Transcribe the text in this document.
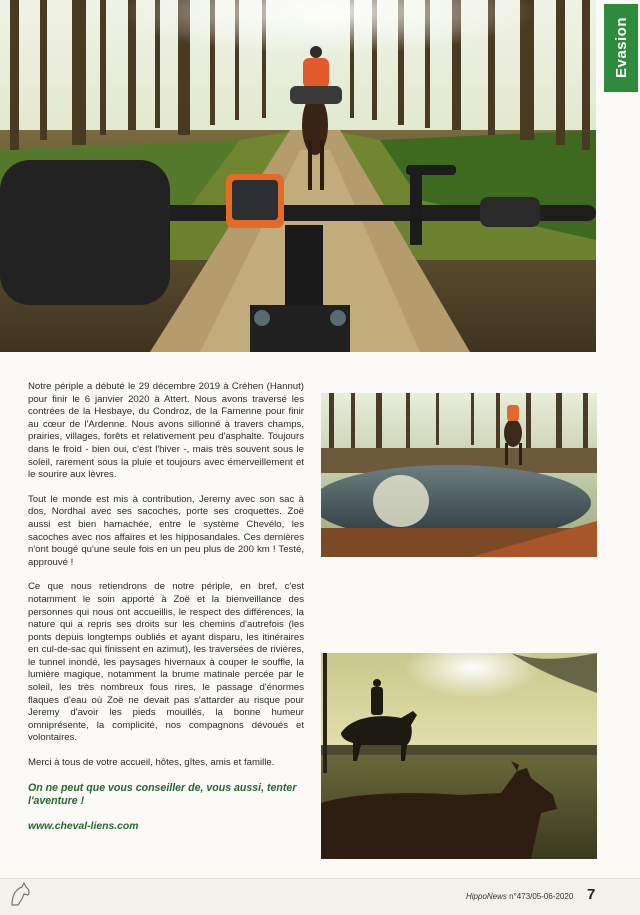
Evasion

Notre périple a débuté le 29 décembre 2019 à Créhen (Hannut) pour finir le 6 janvier 2020 à Attert. Nous avons traversé les contrées de la Hesbaye, du Condroz, de la Famenne pour finir au cœur de l'Ardenne. Nous avons sillonné à travers champs, prairies, villages, forêts et relativement peu d'asphalte. Toujours dans le froid - bien oui, c'est l'hiver -, mais très souvent sous le soleil, rarement sous la pluie et toujours avec émerveillement et le sourire aux lèvres.

Tout le monde est mis à contribution, Jeremy avec son sac à dos, Nordhal avec ses sacoches, porte ses croquettes. Zoë aussi est bien harnachée, entre le système Chevélo, les sacoches avec nos affaires et les hipposandales. Ces dernières n'ont bougé qu'une seule fois en un peu plus de 200 km ! Testé, approuvé !

Ce que nous retiendrons de notre périple, en bref, c'est notamment le soin apporté à Zoë et la bienveillance des personnes qui nous ont accueillis, le respect des différences, la nature qui a repris ses droits sur les chemins d'autrefois (les ponts depuis longtemps oubliés et ayant disparu, les itinéraires en cul-de-sac qui finissent en azimut), les traversées de rivières, le tunnel inondé, les paysages hivernaux à couper le souffle, la lumière magique, notamment la brume matinale percée par le soleil, les très nombreux fous rires, le passage d'énormes flaques d'eau où Zoë ne devait pas s'attarder au risque pour Jeremy d'avoir les pieds mouillés, la bonne humeur omniprésente, la complicité, nos compagnons dévoués et volontaires.

Merci à tous de votre accueil, hôtes, gîtes, amis et famille.

On ne peut que vous conseiller de, vous aussi, tenter l'aventure !

www.cheval-liens.com
HippoNews n°473/05-06-2020 7
